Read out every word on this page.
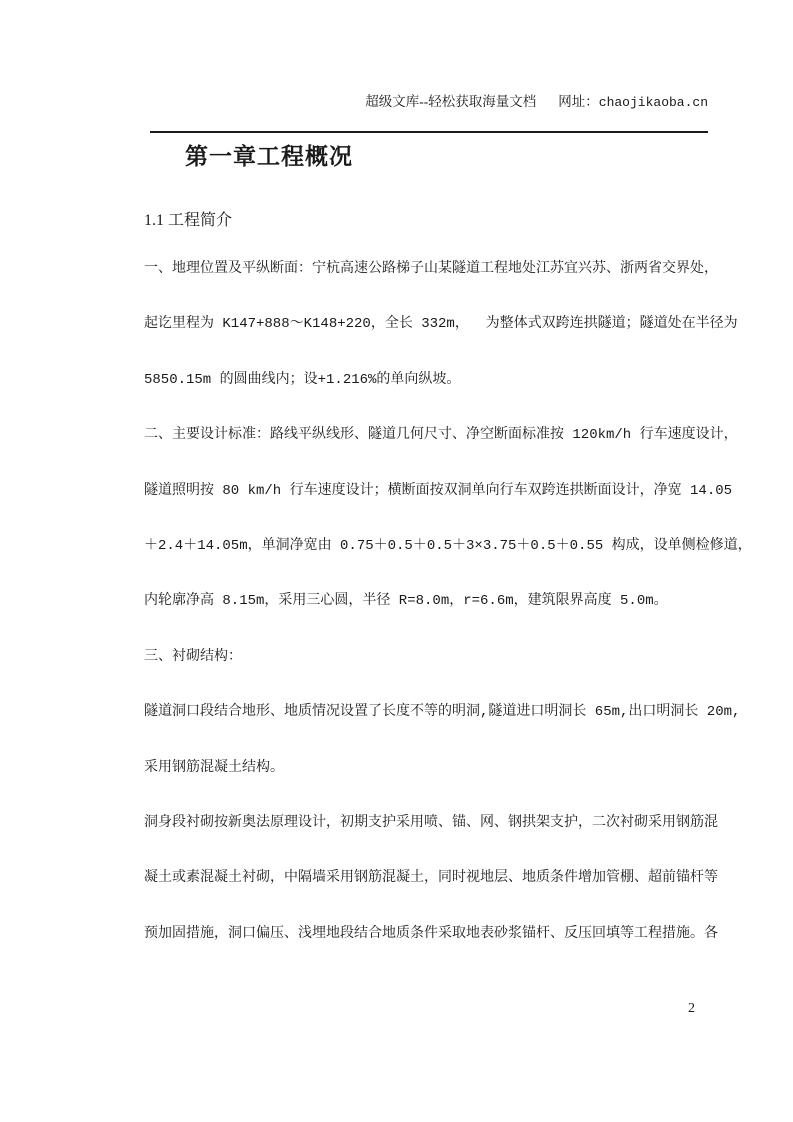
超级文库--轻松获取海量文档 网址：chaojikaoba.cn

第一章工程概况
1.1 工程简介
一、地理位置及平纵断面：宁杭高速公路梯子山某隧道工程地处江苏宜兴苏、浙两省交界处，
起讫里程为 K147+888～K148+220，全长 332m，  为整体式双跨连拱隧道；隧道处在半径为
5850.15m 的圆曲线内；设+1.216%的单向纵坡。
二、主要设计标准：路线平纵线形、隧道几何尺寸、净空断面标准按 120km/h 行车速度设计，
隧道照明按 80 km/h 行车速度设计；横断面按双洞单向行车双跨连拱断面设计，净宽 14.05
＋2.4＋14.05m，单洞净宽由 0.75＋0.5＋0.5＋3×3.75＋0.5＋0.55 构成，设单侧检修道，
内轮廓净高 8.15m，采用三心圆，半径 R=8.0m，r=6.6m，建筑限界高度 5.0m。
三、衬砌结构：
隧道洞口段结合地形、地质情况设置了长度不等的明洞,隧道进口明洞长 65m,出口明洞长 20m,
采用钢筋混凝土结构。
洞身段衬砌按新奥法原理设计，初期支护采用喷、锚、网、钢拱架支护，二次衬砌采用钢筋混
凝土或素混凝土衬砌，中隔墙采用钢筋混凝土，同时视地层、地质条件增加管棚、超前锚杆等
预加固措施，洞口偏压、浅埋地段结合地质条件采取地表砂浆锚杆、反压回填等工程措施。各
2
